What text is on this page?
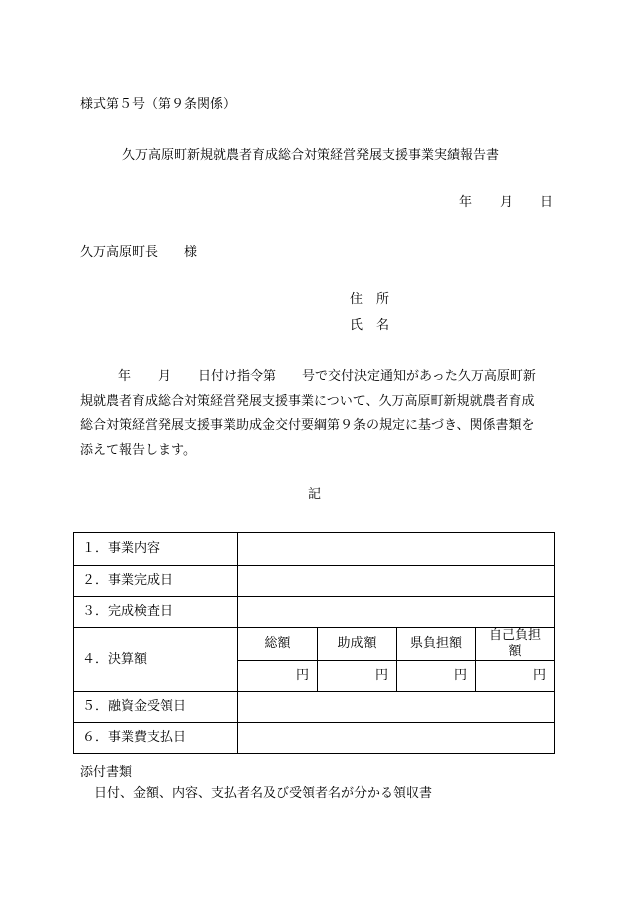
様式第５号（第９条関係）
久万高原町新規就農者育成総合対策経営発展支援事業実績報告書
年 月 日
久万高原町長 様
住　所
氏　名
年 月 日付け指令第 号で交付決定通知があった久万高原町新
規就農者育成総合対策経営発展支援事業について、久万高原町新規就農者育成
総合対策経営発展支援事業助成金交付要綱第９条の規定に基づき、関係書類を
添えて報告します。
記
１．事業内容				
２．事業完成日				
３．完成検査日				
４．決算額	総額	助成額	県負担額	自己負担額
	円	円	円	円
５．融資金受領日				
６．事業費支払日				
添付書類
日付、金額、内容、支払者名及び受領者名が分かる領収書
